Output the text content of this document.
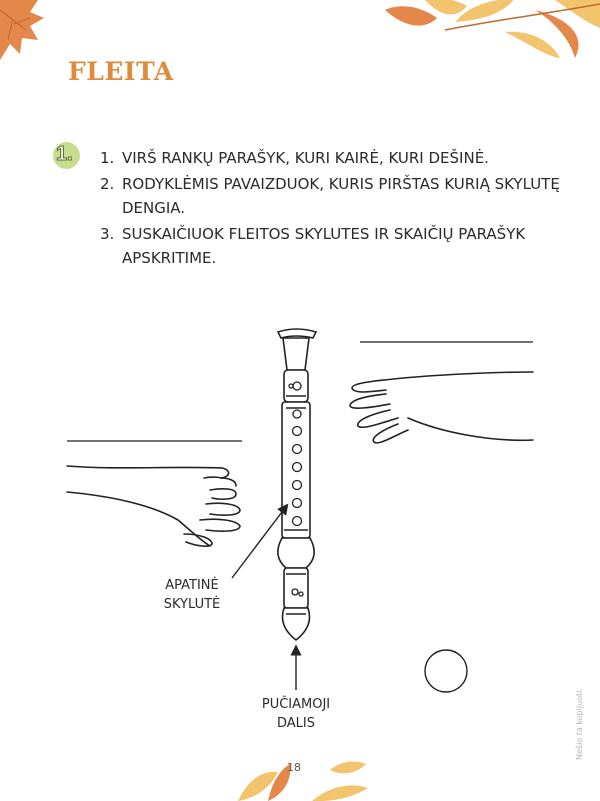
FLEITA
1. 1. VIRŠ RANKŲ PARAŠYK, KURI KAIRĖ, KURI DEŠINĖ.
2. RODYKLĖMIS PAVAIZDUOK, KURIS PIRŠTAS KURIĄ SKYLUTĘ DENGIA.
3. SUSKAIČIUOK FLEITOS SKYLUTES IR SKAIČIŲ PARAŠYK APSKRITIME.
APATINĖ
SKYLUTĖ
PUČIAMOJI
DALIS
18
Nešio ta kopijuoti.
